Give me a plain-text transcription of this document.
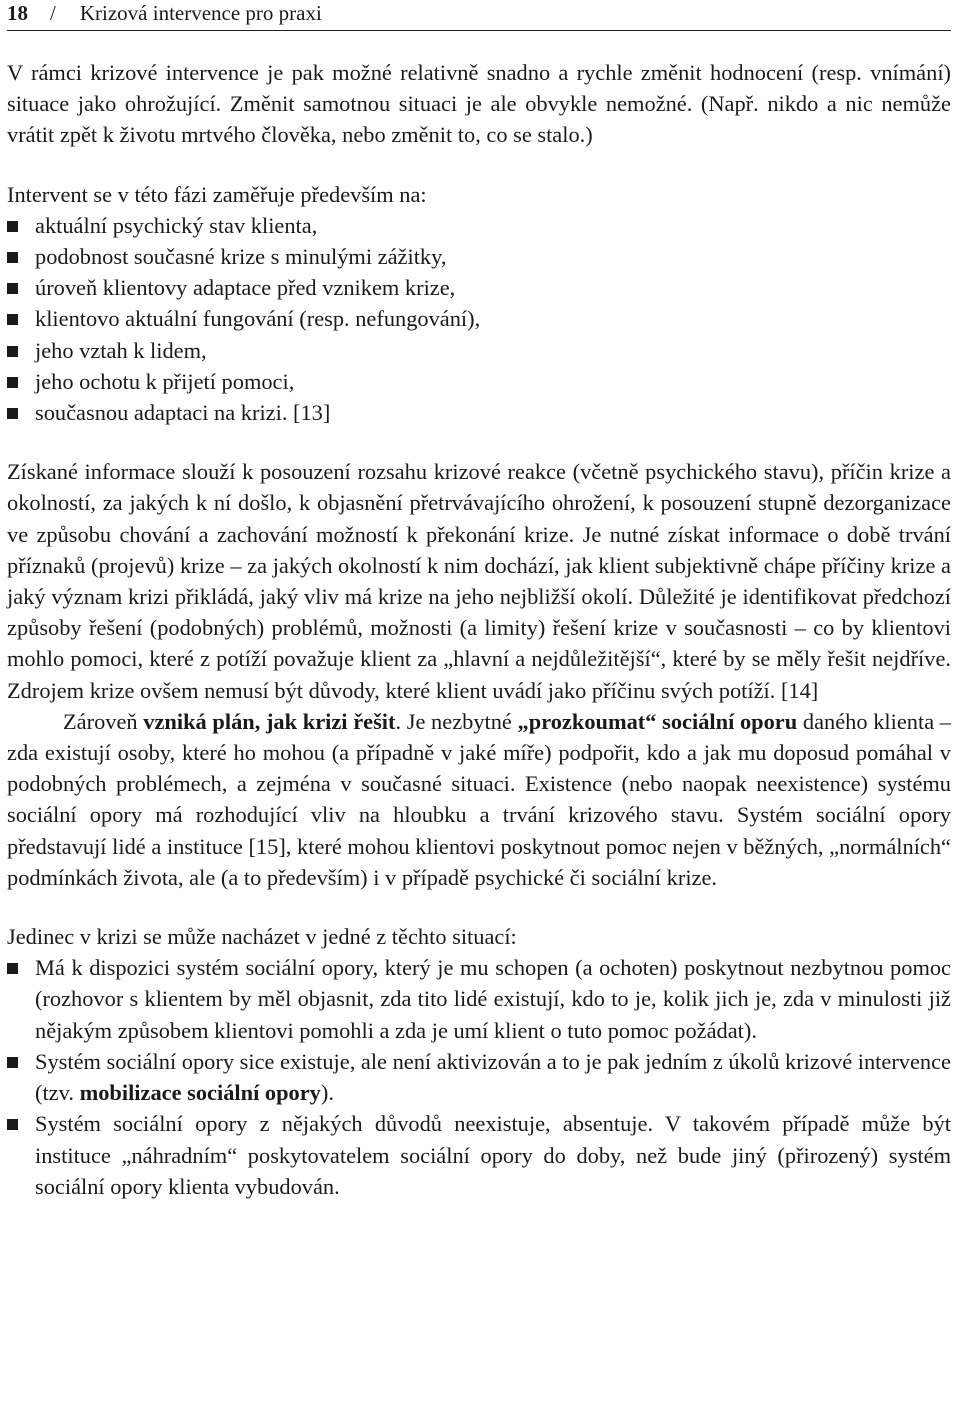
18 / Krizová intervence pro praxi

V rámci krizové intervence je pak možné relativně snadno a rychle změnit hodnocení (resp. vnímání) situace jako ohrožující. Změnit samotnou situaci je ale obvykle nemožné. (Např. nikdo a nic nemůže vrátit zpět k životu mrtvého člověka, nebo změnit to, co se stalo.)

Intervent se v této fázi zaměřuje především na:

aktuální psychický stav klienta,
podobnost současné krize s minulými zážitky,
úroveň klientovy adaptace před vznikem krize,
klientovo aktuální fungování (resp. nefungování),
jeho vztah k lidem,
jeho ochotu k přijetí pomoci,
současnou adaptaci na krizi. [13]

Získané informace slouží k posouzení rozsahu krizové reakce (včetně psychického stavu), příčin krize a okolností, za jakých k ní došlo, k objasnění přetrvávajícího ohrožení, k posouzení stupně dezorganizace ve způsobu chování a zachování možností k překonání krize. Je nutné získat informace o době trvání příznaků (projevů) krize – za jakých okolností k nim dochází, jak klient subjektivně chápe příčiny krize a jaký význam krizi přikládá, jaký vliv má krize na jeho nejbližší okolí. Důležité je identifikovat předchozí způsoby řešení (podobných) problémů, možnosti (a limity) řešení krize v současnosti – co by klientovi mohlo pomoci, které z potíží považuje klient za „hlavní a nejdůležitější“, které by se měly řešit nejdříve. Zdrojem krize ovšem nemusí být důvody, které klient uvádí jako příčinu svých potíží. [14]

Zároveň vzniká plán, jak krizi řešit. Je nezbytné „prozkoumat“ sociální oporu daného klienta – zda existují osoby, které ho mohou (a případně v jaké míře) podpořit, kdo a jak mu doposud pomáhal v podobných problémech, a zejména v současné situaci. Existence (nebo naopak neexistence) systému sociální opory má rozhodující vliv na hloubku a trvání krizového stavu. Systém sociální opory představují lidé a instituce [15], které mohou klientovi poskytnout pomoc nejen v běžných, „normálních“ podmínkách života, ale (a to především) i v případě psychické či sociální krize.

Jedinec v krizi se může nacházet v jedné z těchto situací:

Má k dispozici systém sociální opory, který je mu schopen (a ochoten) poskytnout nezbytnou pomoc (rozhovor s klientem by měl objasnit, zda tito lidé existují, kdo to je, kolik jich je, zda v minulosti již nějakým způsobem klientovi pomohli a zda je umí klient o tuto pomoc požádat).
Systém sociální opory sice existuje, ale není aktivizován a to je pak jedním z úkolů krizové intervence (tzv. mobilizace sociální opory).
Systém sociální opory z nějakých důvodů neexistuje, absentuje. V takovém případě může být instituce „náhradním“ poskytovatelem sociální opory do doby, než bude jiný (přirozený) systém sociální opory klienta vybudován.
